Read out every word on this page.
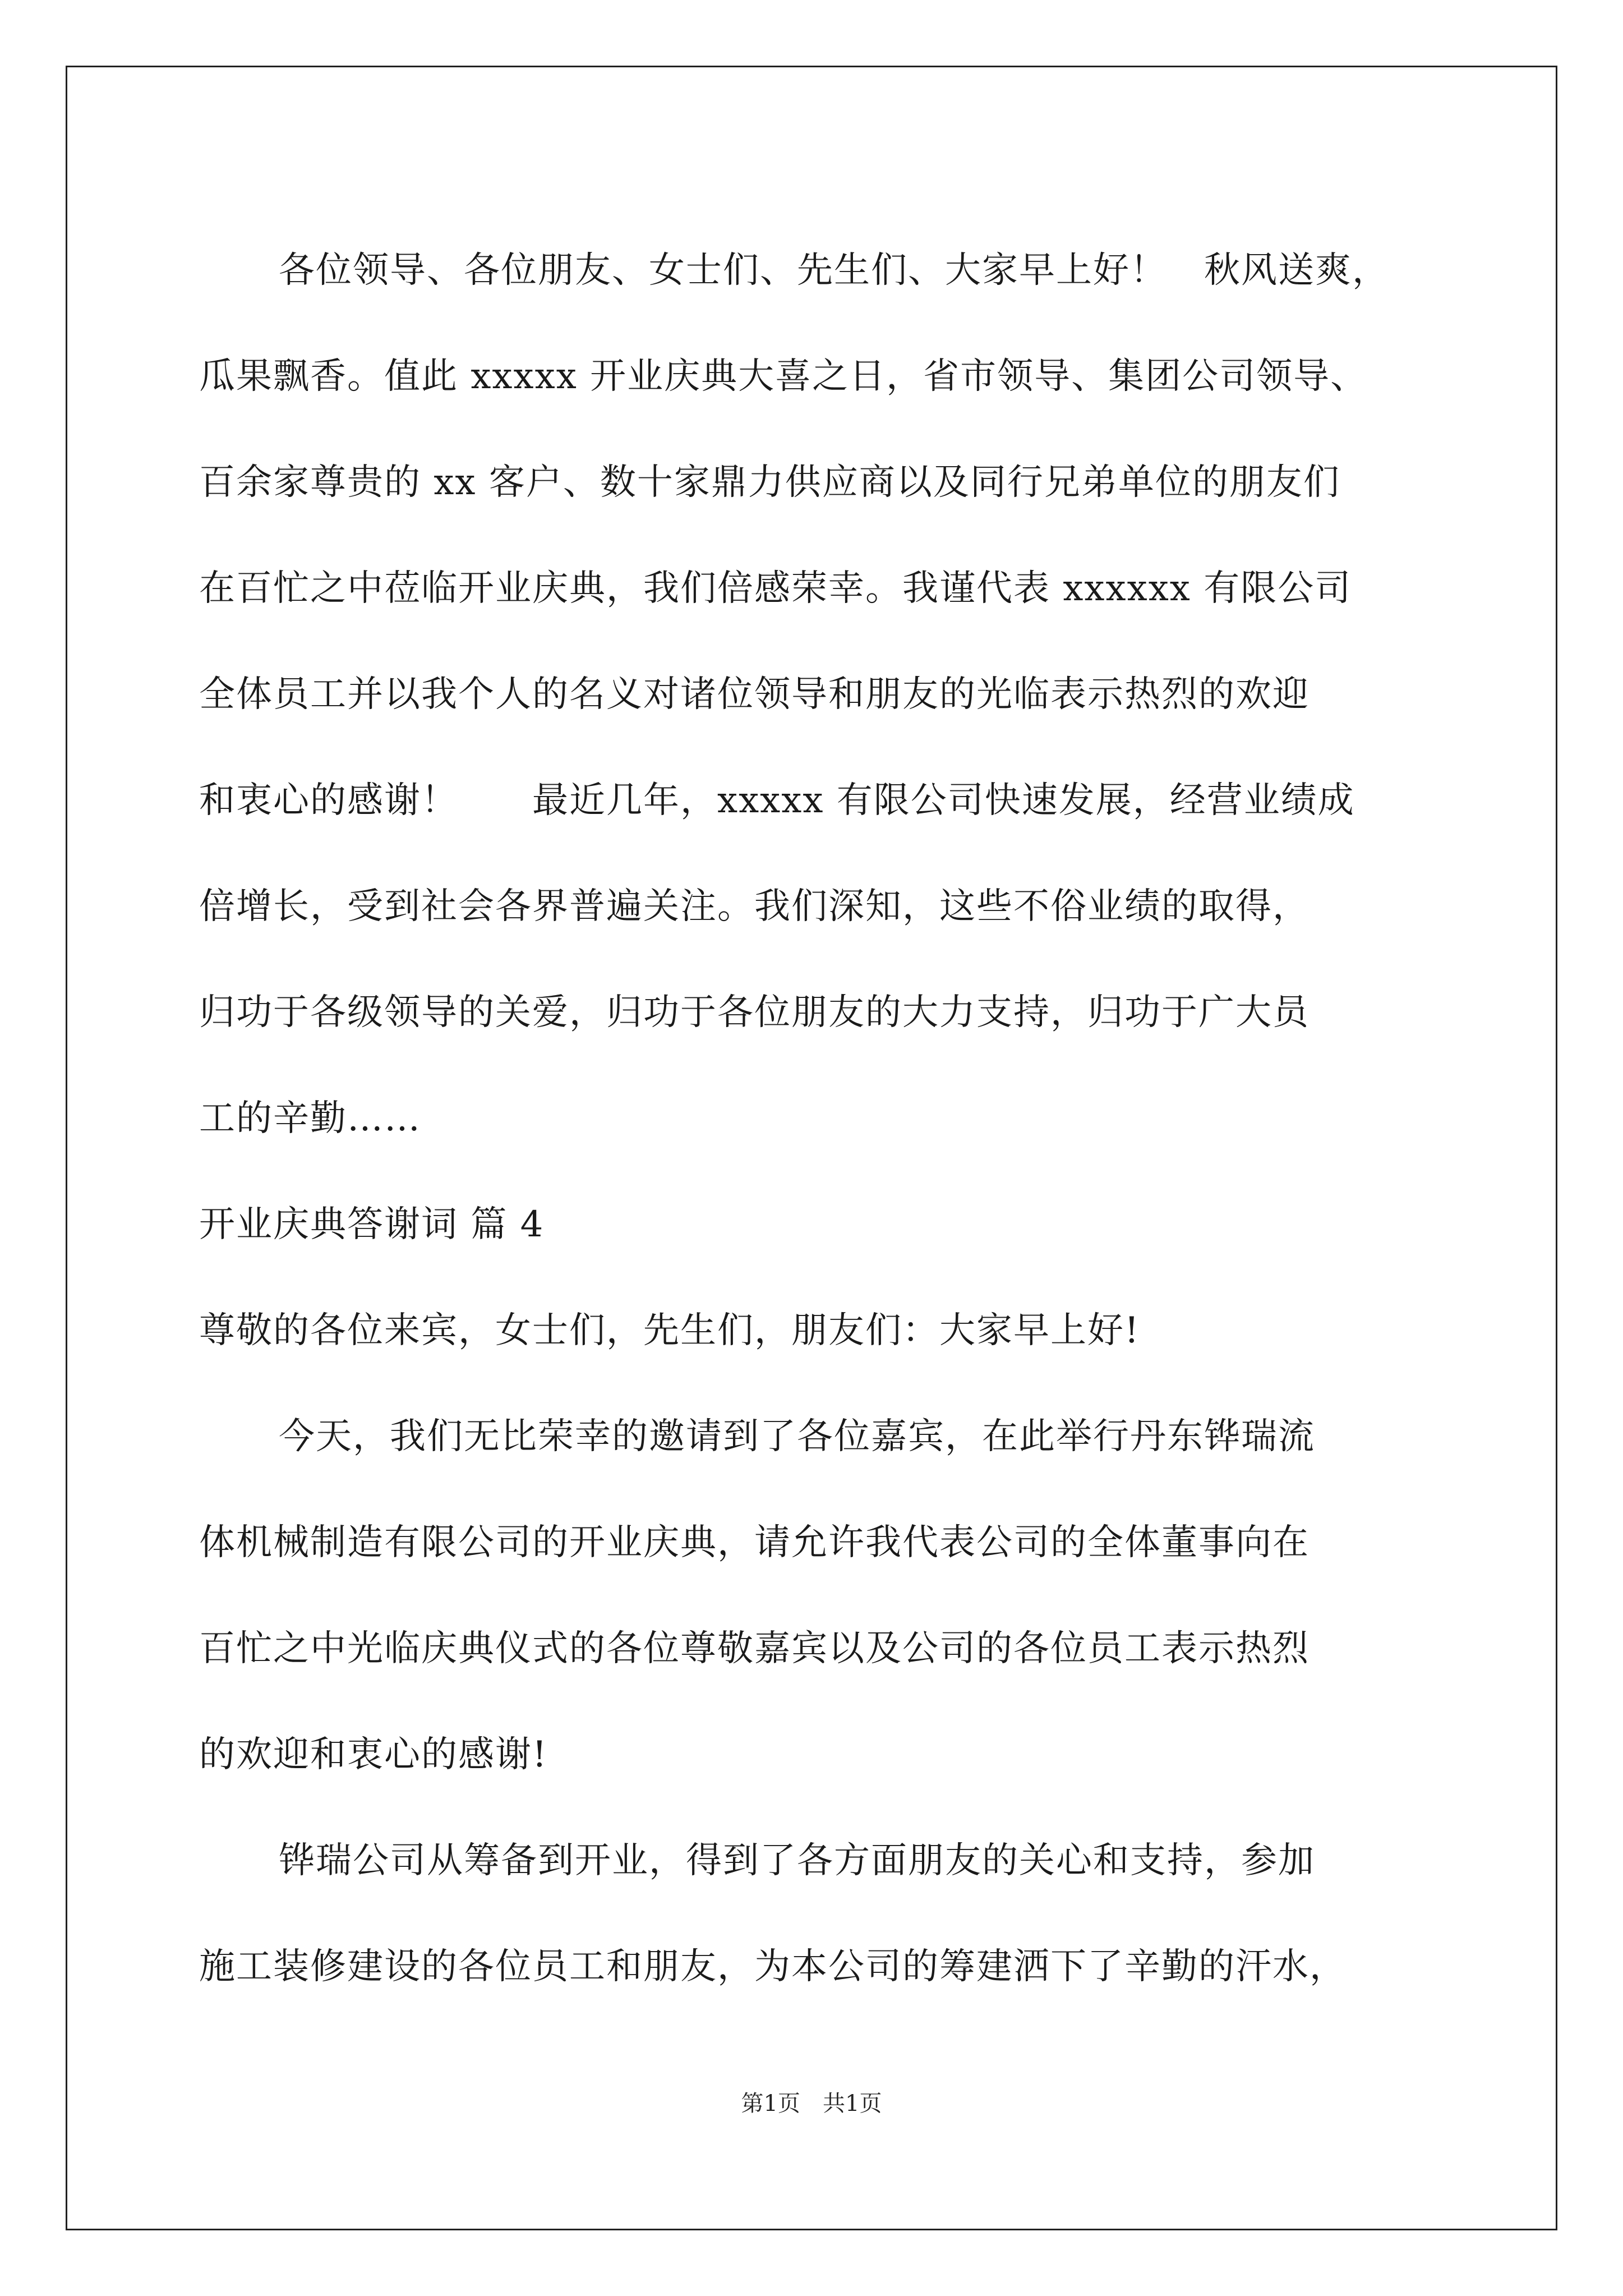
各位领导、各位朋友、女士们、先生们、大家早上好！　秋风送爽，
瓜果飘香。值此 xxxxx 开业庆典大喜之日，省市领导、集团公司领导、
百余家尊贵的 xx 客户、数十家鼎力供应商以及同行兄弟单位的朋友们
在百忙之中莅临开业庆典，我们倍感荣幸。我谨代表 xxxxxx 有限公司
全体员工并以我个人的名义对诸位领导和朋友的光临表示热烈的欢迎
和衷心的感谢！　　最近几年，xxxxx 有限公司快速发展，经营业绩成
倍增长，受到社会各界普遍关注。我们深知，这些不俗业绩的取得，
归功于各级领导的关爱，归功于各位朋友的大力支持，归功于广大员
工的辛勤……
开业庆典答谢词 篇 4
尊敬的各位来宾，女士们，先生们，朋友们：大家早上好!
今天，我们无比荣幸的邀请到了各位嘉宾，在此举行丹东铧瑞流
体机械制造有限公司的开业庆典，请允许我代表公司的全体董事向在
百忙之中光临庆典仪式的各位尊敬嘉宾以及公司的各位员工表示热烈
的欢迎和衷心的感谢!
铧瑞公司从筹备到开业，得到了各方面朋友的关心和支持，参加
施工装修建设的各位员工和朋友，为本公司的筹建洒下了辛勤的汗水，
第1页 共1页
